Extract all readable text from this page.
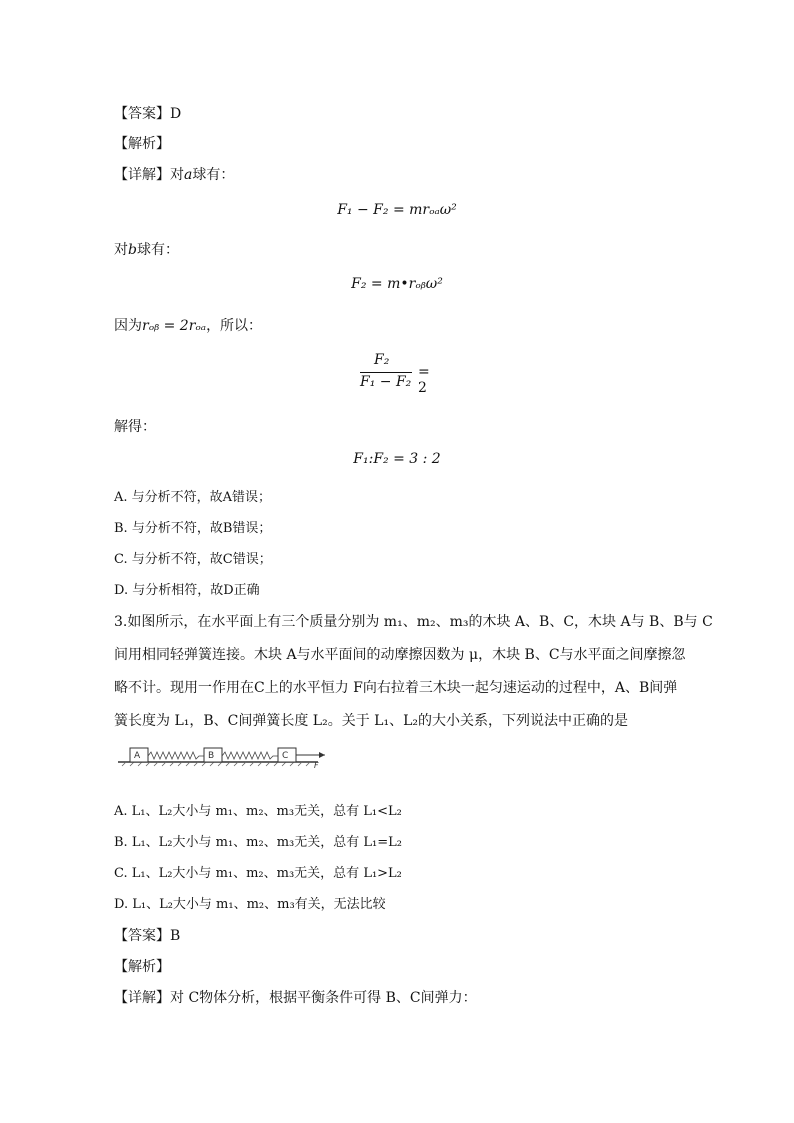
【答案】D
【解析】
【详解】对a球有：
F₁ − F₂ = mrₒₐω²
对b球有：
F₂ = m•rₒᵦω²
因为rₒᵦ = 2rₒₐ，所以：
F₂
F₁ − F₂
= 2
解得：
F₁:F₂ = 3 : 2
A. 与分析不符，故A错误；
B. 与分析不符，故B错误；
C. 与分析不符，故C错误；
D. 与分析相符，故D正确
3.如图所示，在水平面上有三个质量分别为 m₁、m₂、m₃的木块 A、B、C，木块 A与 B、B与 C
间用相同轻弹簧连接。木块 A与水平面间的动摩擦因数为 μ，木块 B、C与水平面之间摩擦忽
略不计。现用一作用在C上的水平恒力 F向右拉着三木块一起匀速运动的过程中，A、B间弹
簧长度为 L₁，B、C间弹簧长度 L₂。关于 L₁、L₂的大小关系，下列说法中正确的是
A	B	C
F
A. L₁、L₂大小与 m₁、m₂、m₃无关，总有 L₁<L₂
B. L₁、L₂大小与 m₁、m₂、m₃无关，总有 L₁=L₂
C. L₁、L₂大小与 m₁、m₂、m₃无关，总有 L₁>L₂
D. L₁、L₂大小与 m₁、m₂、m₃有关，无法比较
【答案】B
【解析】
【详解】对 C物体分析，根据平衡条件可得 B、C间弹力：
